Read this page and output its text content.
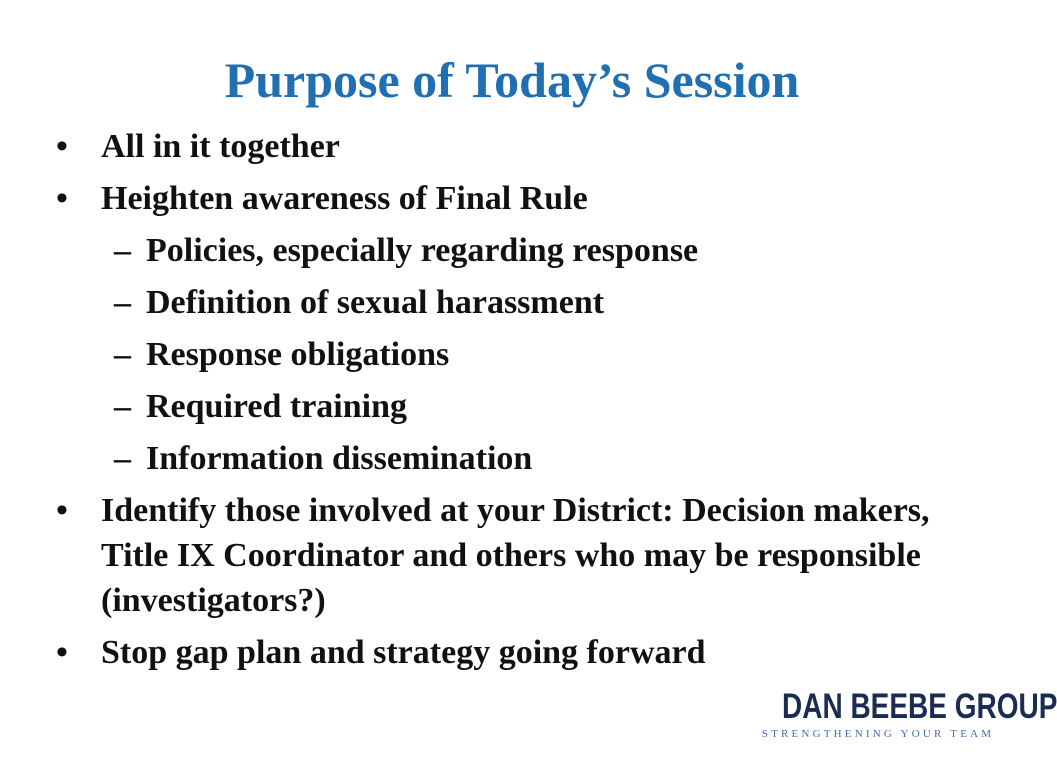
Purpose of Today’s Session
• All in it together
• Heighten awareness of Final Rule
– Policies, especially regarding response
– Definition of sexual harassment
– Response obligations
– Required training
– Information dissemination
• Identify those involved at your District: Decision makers, Title IX Coordinator and others who may be responsible (investigators?)
• Stop gap plan and strategy going forward
DAN BEEBE GROUP
STRENGTHENING YOUR TEAM
